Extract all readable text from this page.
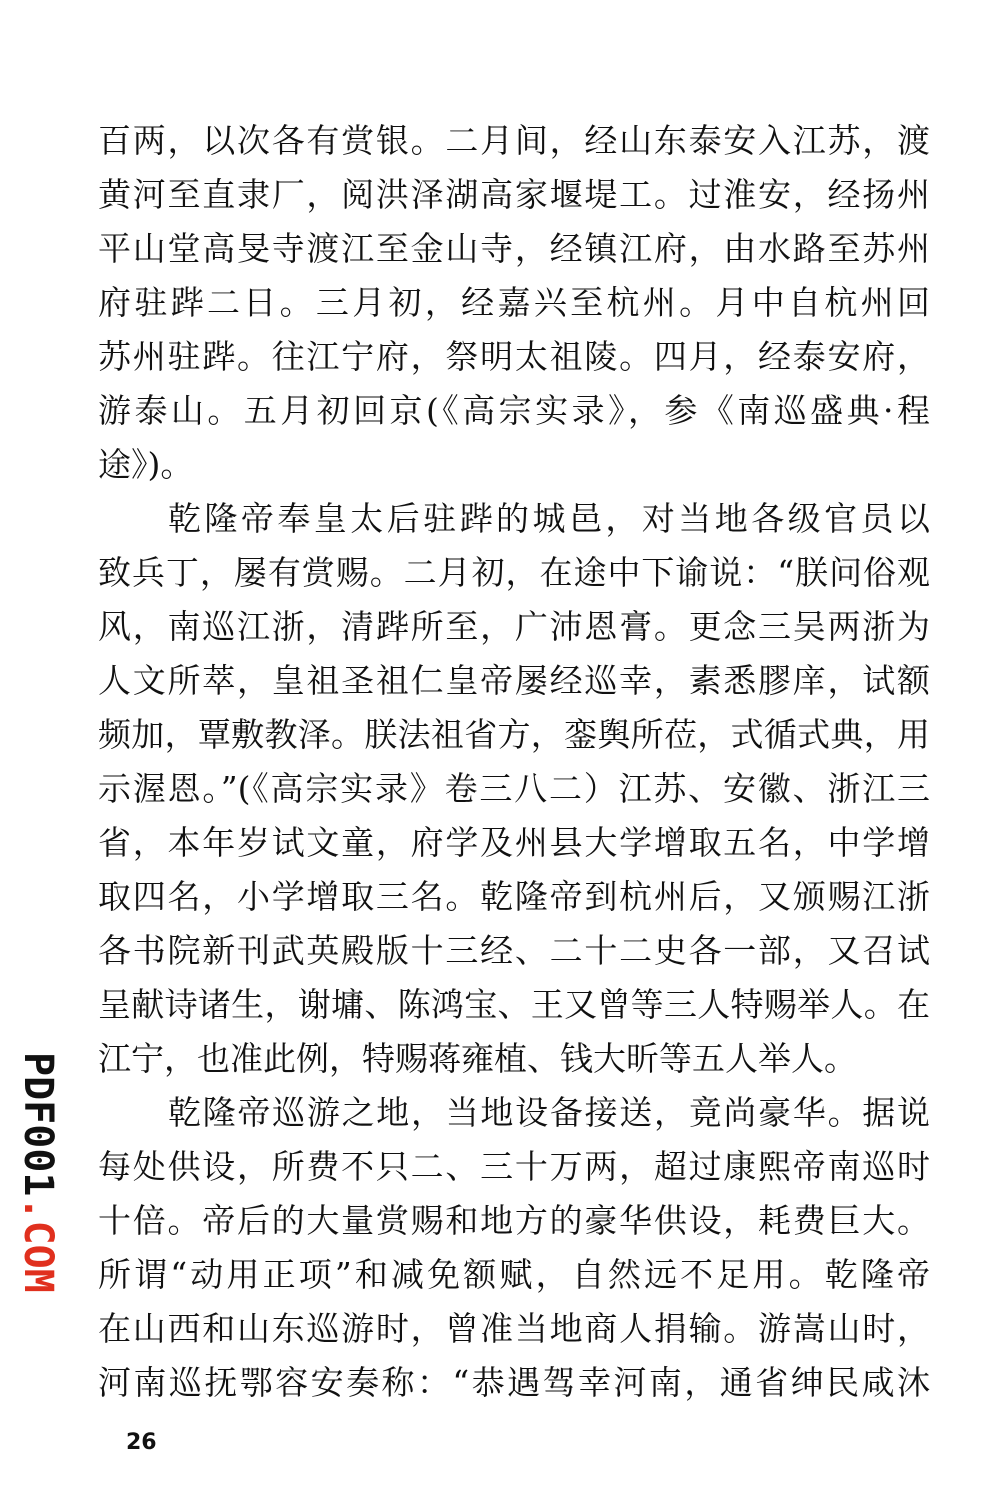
百两，以次各有赏银。二月间，经山东泰安入江苏，渡
黄河至直隶厂，阅洪泽湖高家堰堤工。过淮安，经扬州
平山堂高旻寺渡江至金山寺，经镇江府，由水路至苏州
府驻跸二日。三月初，经嘉兴至杭州。月中自杭州回
苏州驻跸。往江宁府，祭明太祖陵。四月，经泰安府，
游泰山。五月初回京(《高宗实录》，参《南巡盛典·程
途》)。
乾隆帝奉皇太后驻跸的城邑，对当地各级官员以
致兵丁，屡有赏赐。二月初，在途中下谕说：“朕问俗观
风，南巡江浙，清跸所至，广沛恩膏。更念三吴两浙为
人文所萃，皇祖圣祖仁皇帝屡经巡幸，素悉膠庠，试额
频加，覃敷教泽。朕法祖省方，銮舆所莅，式循式典，用
示渥恩。”(《高宗实录》卷三八二）江苏、安徽、浙江三
省，本年岁试文童，府学及州县大学增取五名，中学增
取四名，小学增取三名。乾隆帝到杭州后，又颁赐江浙
各书院新刊武英殿版十三经、二十二史各一部，又召试
呈献诗诸生，谢墉、陈鸿宝、王又曾等三人特赐举人。在
江宁，也准此例，特赐蒋雍植、钱大昕等五人举人。
乾隆帝巡游之地，当地设备接送，竟尚豪华。据说
每处供设，所费不只二、三十万两，超过康熙帝南巡时
十倍。帝后的大量赏赐和地方的豪华供设，耗费巨大。
所谓“动用正项”和减免额赋，自然远不足用。乾隆帝
在山西和山东巡游时，曾准当地商人捐输。游嵩山时，
河南巡抚鄂容安奏称：“恭遇驾幸河南，通省绅民咸沐
26
PDF001.COM
